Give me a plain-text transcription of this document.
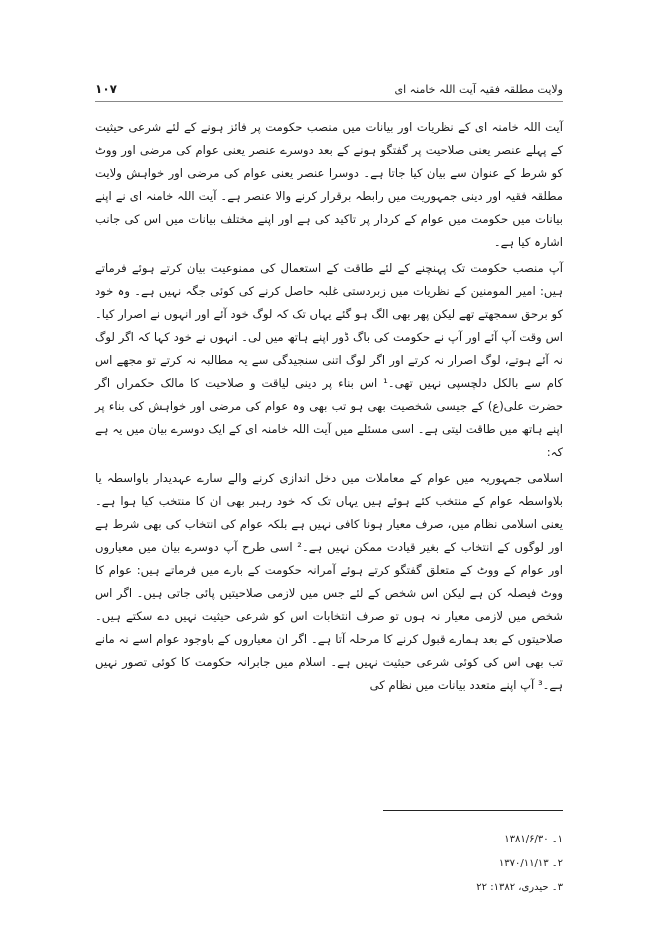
ولایت مطلقہ فقیہ آیت اللہ خامنہ ای
۱۰۷

آیت اللہ خامنہ ای کے نظریات اور بیانات میں منصب حکومت پر فائز ہونے کے لئے شرعی حیثیت کے پہلے عنصر یعنی صلاحیت پر گفتگو ہونے کے بعد دوسرے عنصر یعنی عوام کی مرضی اور ووٹ کو شرط کے عنوان سے بیان کیا جاتا ہے۔ دوسرا عنصر یعنی عوام کی مرضی اور خواہش ولایت مطلقہ فقیہ اور دینی جمہوریت میں رابطہ برقرار کرنے والا عنصر ہے۔ آیت اللہ خامنہ ای نے اپنے بیانات میں حکومت میں عوام کے کردار پر تاکید کی ہے اور اپنے مختلف بیانات میں اس کی جانب اشارہ کیا ہے۔

آپ منصب حکومت تک پہنچنے کے لئے طاقت کے استعمال کی ممنوعیت بیان کرتے ہوئے فرماتے ہیں: امیر المومنین کے نظریات میں زبردستی غلبہ حاصل کرنے کی کوئی جگہ نہیں ہے۔ وہ خود کو برحق سمجھتے تھے لیکن پھر بھی الگ ہو گئے یہاں تک کہ لوگ خود آئے اور انہوں نے اصرار کیا۔ اس وقت آپ آئے اور آپ نے حکومت کی باگ ڈور اپنے ہاتھ میں لی۔ انہوں نے خود کہا کہ اگر لوگ نہ آئے ہوتے، لوگ اصرار نہ کرتے اور اگر لوگ اتنی سنجیدگی سے یہ مطالبہ نہ کرتے تو مجھے اس کام سے بالکل دلچسپی نہیں تھی۔¹ اس بناء پر دینی لیاقت و صلاحیت کا مالک حکمراں اگر حضرت علی(ع) کے جیسی شخصیت بھی ہو تب بھی وہ عوام کی مرضی اور خواہش کی بناء پر اپنے ہاتھ میں طاقت لیتی ہے۔ اسی مسئلے میں آیت اللہ خامنہ ای کے ایک دوسرے بیان میں یہ ہے کہ:

اسلامی جمہوریہ میں عوام کے معاملات میں دخل اندازی کرنے والے سارے عہدیدار باواسطہ یا بلاواسطہ عوام کے منتخب کئے ہوئے ہیں یہاں تک کہ خود رہبر بھی ان کا منتخب کیا ہوا ہے۔ یعنی اسلامی نظام میں، صرف معیار ہونا کافی نہیں ہے بلکہ عوام کی انتخاب کی بھی شرط ہے اور لوگوں کے انتخاب کے بغیر قیادت ممکن نہیں ہے۔² اسی طرح آپ دوسرے بیان میں معیاروں اور عوام کے ووٹ کے متعلق گفتگو کرتے ہوئے آمرانہ حکومت کے بارے میں فرماتے ہیں: عوام کا ووٹ فیصلہ کن ہے لیکن اس شخص کے لئے جس میں لازمی صلاحیتیں پائی جاتی ہیں۔ اگر اس شخص میں لازمی معیار نہ ہوں تو صرف انتخابات اس کو شرعی حیثیت نہیں دے سکتے ہیں۔ صلاحیتوں کے بعد ہمارے قبول کرنے کا مرحلہ آتا ہے۔ اگر ان معیاروں کے باوجود عوام اسے نہ مانے تب بھی اس کی کوئی شرعی حیثیت نہیں ہے۔ اسلام میں جابرانہ حکومت کا کوئی تصور نہیں ہے۔³ آپ اپنے متعدد بیانات میں نظام کی

۱۔ ۱۳۸۱/۶/۳۰
۲۔ ۱۳۷۰/۱۱/۱۳
۳۔ حیدری، ۱۳۸۲: ۲۲
